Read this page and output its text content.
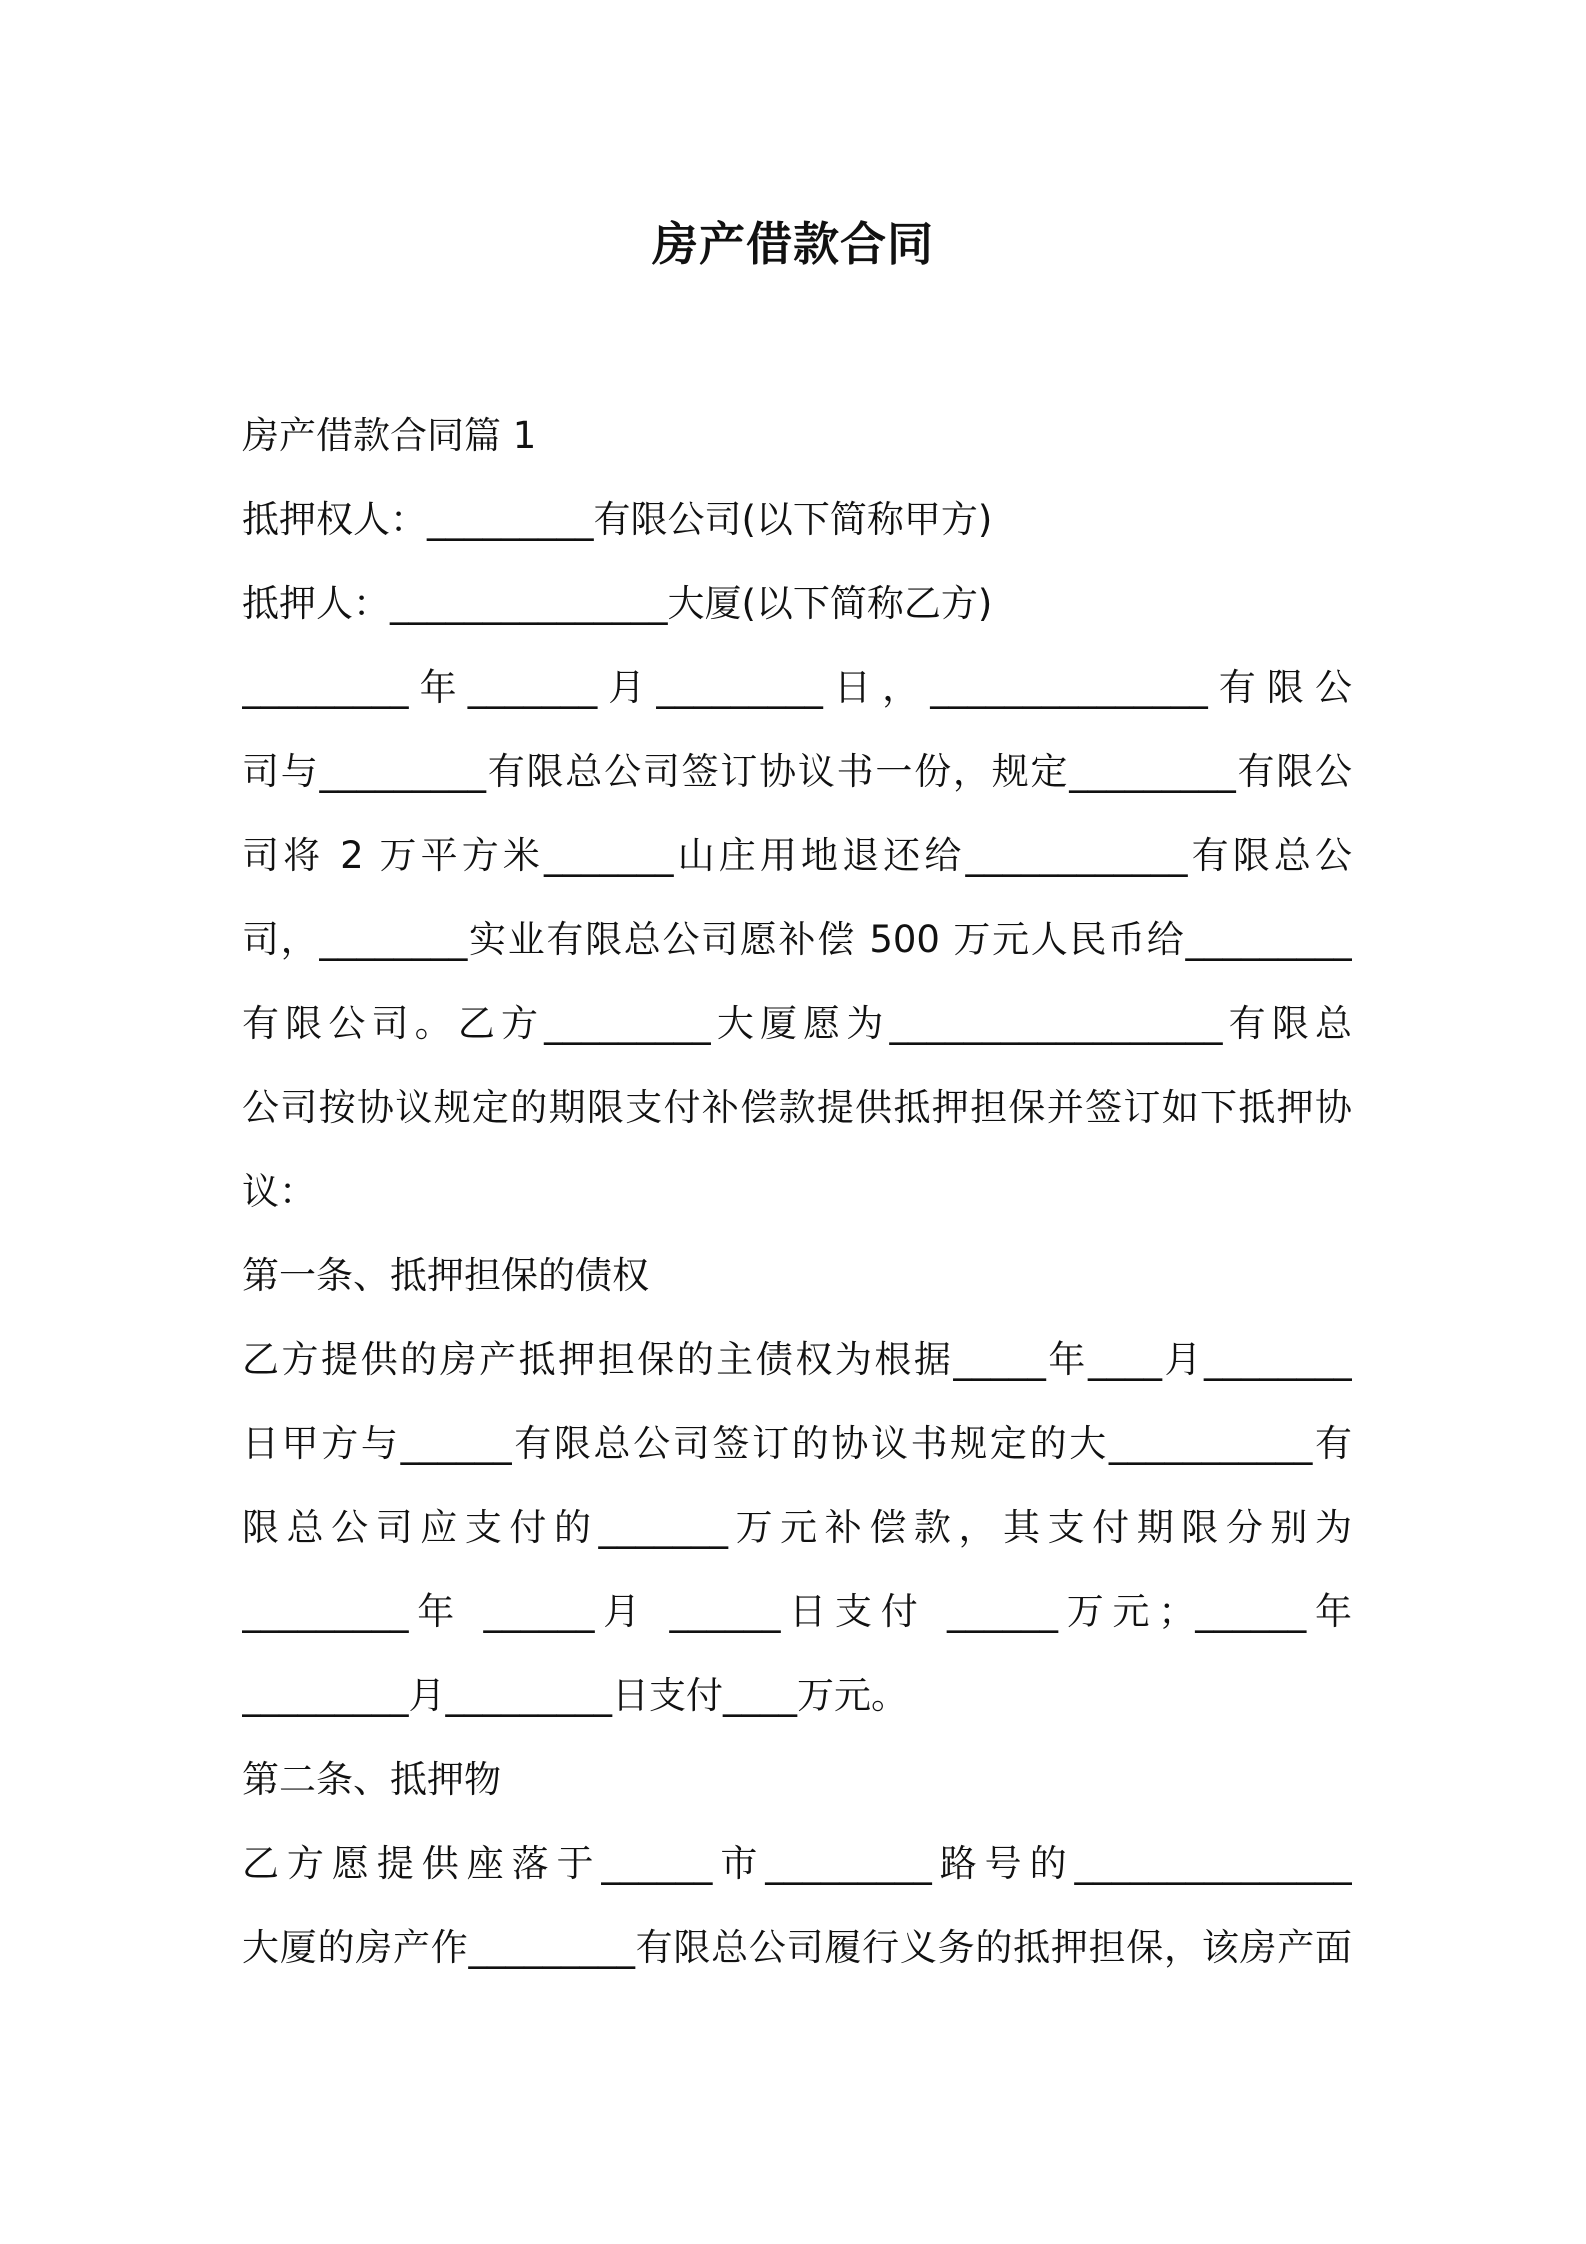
房产借款合同
房产借款合同篇 1
抵押权人：_________有限公司(以下简称甲方)
抵押人：_______________大厦(以下简称乙方)
_________年_______月_________日，_______________有限公
司与_________有限总公司签订协议书一份，规定_________有限公
司将 2 万平方米_______山庄用地退还给____________有限总公
司，________实业有限总公司愿补偿 500 万元人民币给_________
有限公司。乙方_________大厦愿为__________________有限总
公司按协议规定的期限支付补偿款提供抵押担保并签订如下抵押协
议：
第一条、抵押担保的债权
乙方提供的房产抵押担保的主债权为根据_____年____月________
日甲方与______有限总公司签订的协议书规定的大___________有
限总公司应支付的_______万元补偿款，其支付期限分别为
_________年 ______月 ______日支付 ______万元；______年
_________月_________日支付____万元。
第二条、抵押物
乙方愿提供座落于______市_________路号的_______________
大厦的房产作_________有限总公司履行义务的抵押担保，该房产面
